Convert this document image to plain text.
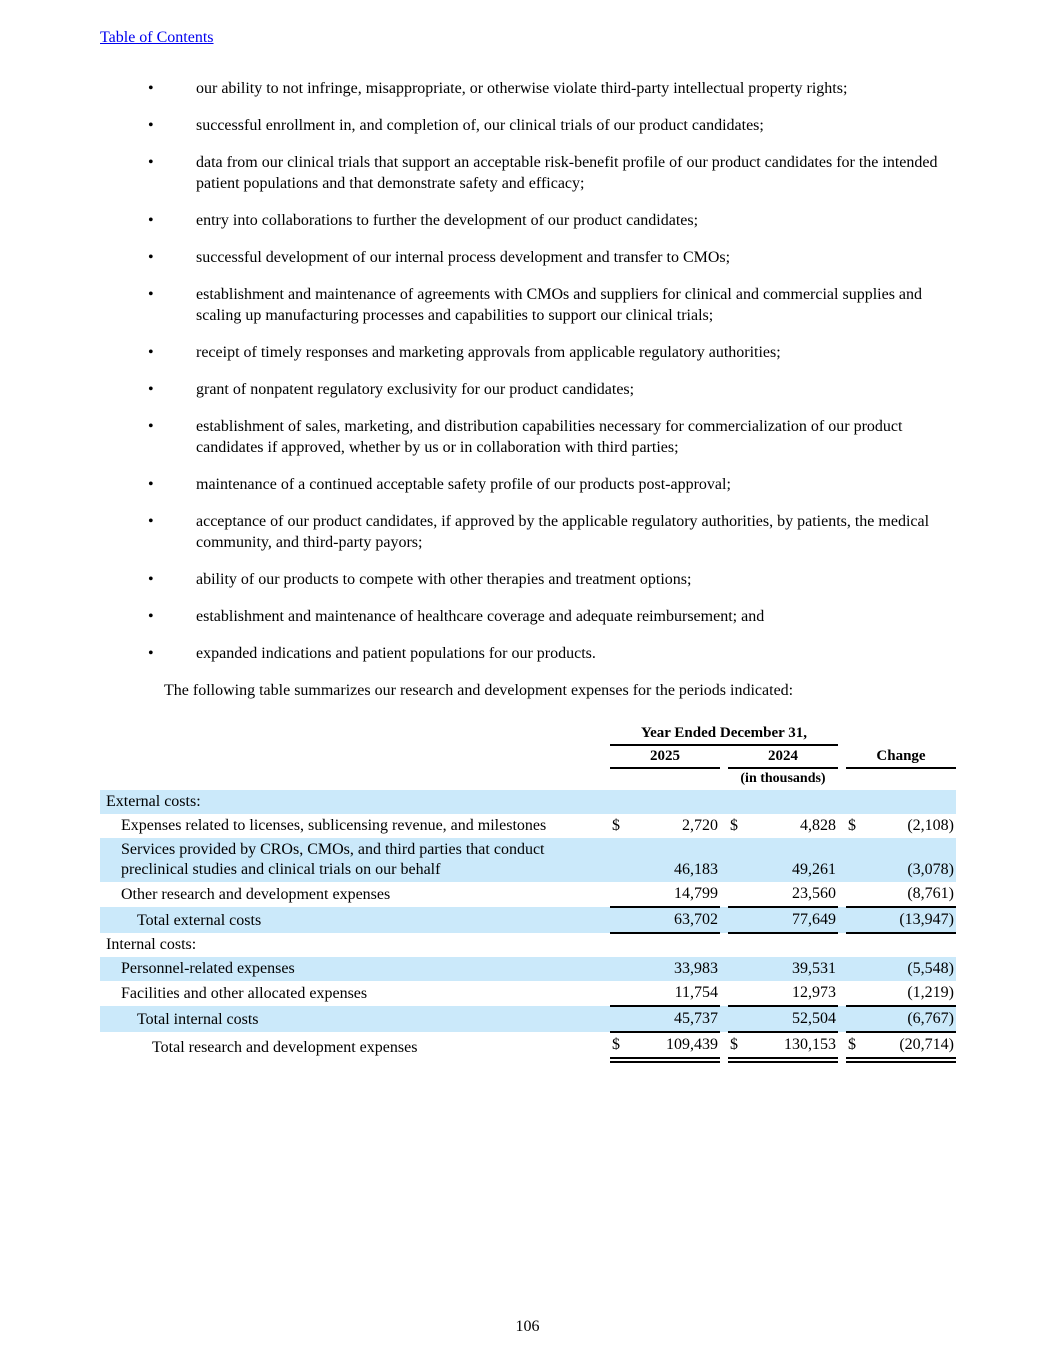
Table of Contents
•	our ability to not infringe, misappropriate, or otherwise violate third-party intellectual property rights;
•	successful enrollment in, and completion of, our clinical trials of our product candidates;
•	data from our clinical trials that support an acceptable risk-benefit profile of our product candidates for the intended patient populations and that demonstrate safety and efficacy;
•	entry into collaborations to further the development of our product candidates;
•	successful development of our internal process development and transfer to CMOs;
•	establishment and maintenance of agreements with CMOs and suppliers for clinical and commercial supplies and scaling up manufacturing processes and capabilities to support our clinical trials;
•	receipt of timely responses and marketing approvals from applicable regulatory authorities;
•	grant of nonpatent regulatory exclusivity for our product candidates;
•	establishment of sales, marketing, and distribution capabilities necessary for commercialization of our product candidates if approved, whether by us or in collaboration with third parties;
•	maintenance of a continued acceptable safety profile of our products post-approval;
•	acceptance of our product candidates, if approved by the applicable regulatory authorities, by patients, the medical community, and third-party payors;
•	ability of our products to compete with other therapies and treatment options;
•	establishment and maintenance of healthcare coverage and adequate reimbursement; and
•	expanded indications and patient populations for our products.

The following table summarizes our research and development expenses for the periods indicated:

	Year Ended December 31,							
	2025			2024			Change	
	(in thousands)							
External costs:								
Expenses related to licenses, sublicensing revenue, and milestones	$	2,720		$	4,828		$	(2,108)
Services provided by CROs, CMOs, and third parties that conduct preclinical studies and clinical trials on our behalf		46,183			49,261			(3,078)
Other research and development expenses		14,799			23,560			(8,761)
Total external costs		63,702			77,649			(13,947)
Internal costs:								
Personnel-related expenses		33,983			39,531			(5,548)
Facilities and other allocated expenses		11,754			12,973			(1,219)
Total internal costs		45,737			52,504			(6,767)
Total research and development expenses	$	109,439		$	130,153		$	(20,714)
106
